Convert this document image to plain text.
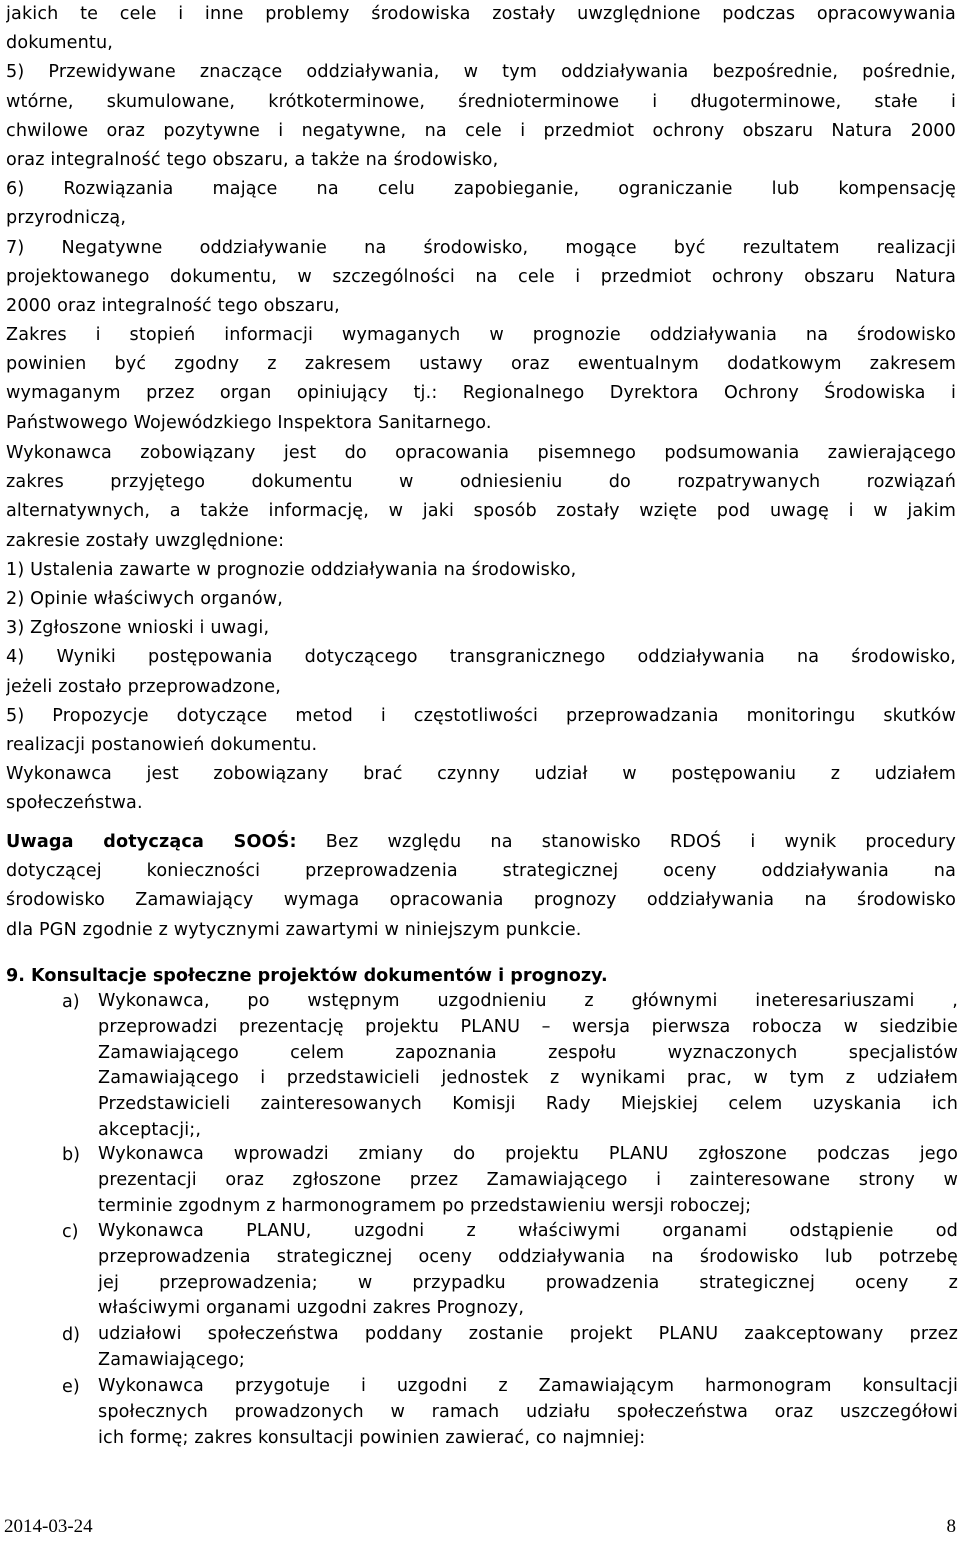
jakich te cele i inne problemy środowiska zostały uwzględnione podczas opracowywania
dokumentu,
5) Przewidywane znaczące oddziaływania, w tym oddziaływania bezpośrednie, pośrednie,
wtórne, skumulowane, krótkoterminowe, średnioterminowe i długoterminowe, stałe i
chwilowe oraz pozytywne i negatywne, na cele i przedmiot ochrony obszaru Natura 2000
oraz integralność tego obszaru, a także na środowisko,
6) Rozwiązania mające na celu zapobieganie, ograniczanie lub kompensację
przyrodniczą,
7) Negatywne oddziaływanie na środowisko, mogące być rezultatem realizacji
projektowanego dokumentu, w szczególności na cele i przedmiot ochrony obszaru Natura
2000 oraz integralność tego obszaru,
Zakres i stopień informacji wymaganych w prognozie oddziaływania na środowisko
powinien być zgodny z zakresem ustawy oraz ewentualnym dodatkowym zakresem
wymaganym przez organ opiniujący tj.: Regionalnego Dyrektora Ochrony Środowiska i
Państwowego Wojewódzkiego Inspektora Sanitarnego.
Wykonawca zobowiązany jest do opracowania pisemnego podsumowania zawierającego
zakres przyjętego dokumentu w odniesieniu do rozpatrywanych rozwiązań
alternatywnych, a także informację, w jaki sposób zostały wzięte pod uwagę i w jakim
zakresie zostały uwzględnione:
1) Ustalenia zawarte w prognozie oddziaływania na środowisko,
2) Opinie właściwych organów,
3) Zgłoszone wnioski i uwagi,
4) Wyniki postępowania dotyczącego transgranicznego oddziaływania na środowisko,
jeżeli zostało przeprowadzone,
5) Propozycje dotyczące metod i częstotliwości przeprowadzania monitoringu skutków
realizacji postanowień dokumentu.
Wykonawca jest zobowiązany brać czynny udział w postępowaniu z udziałem
społeczeństwa.
Uwaga dotycząca SOOŚ: Bez względu na stanowisko RDOŚ i wynik procedury
dotyczącej konieczności przeprowadzenia strategicznej oceny oddziaływania na
środowisko Zamawiający wymaga opracowania prognozy oddziaływania na środowisko
dla PGN zgodnie z wytycznymi zawartymi w niniejszym punkcie.
9. Konsultacje społeczne projektów dokumentów i prognozy.
a)	Wykonawca, po wstępnym uzgodnieniu z głównymi ineteresariuszami ,
przeprowadzi prezentację projektu PLANU – wersja pierwsza robocza w siedzibie
Zamawiającego celem zapoznania zespołu wyznaczonych specjalistów
Zamawiającego i przedstawicieli jednostek z wynikami prac, w tym z udziałem
Przedstawicieli zainteresowanych Komisji Rady Miejskiej celem uzyskania ich
akceptacji;,
b)	Wykonawca wprowadzi zmiany do projektu PLANU zgłoszone podczas jego
prezentacji oraz zgłoszone przez Zamawiającego i zainteresowane strony w
terminie zgodnym z harmonogramem po przedstawieniu wersji roboczej;
c)	Wykonawca PLANU, uzgodni z właściwymi organami odstąpienie od
przeprowadzenia strategicznej oceny oddziaływania na środowisko lub potrzebę
jej przeprowadzenia; w przypadku prowadzenia strategicznej oceny z
właściwymi organami uzgodni zakres Prognozy,
d)	udziałowi społeczeństwa poddany zostanie projekt PLANU zaakceptowany przez
Zamawiającego;
e)	Wykonawca przygotuje i uzgodni z Zamawiającym harmonogram konsultacji
społecznych prowadzonych w ramach udziału społeczeństwa oraz uszczegółowi
ich formę; zakres konsultacji powinien zawierać, co najmniej:
2014-03-24	8
